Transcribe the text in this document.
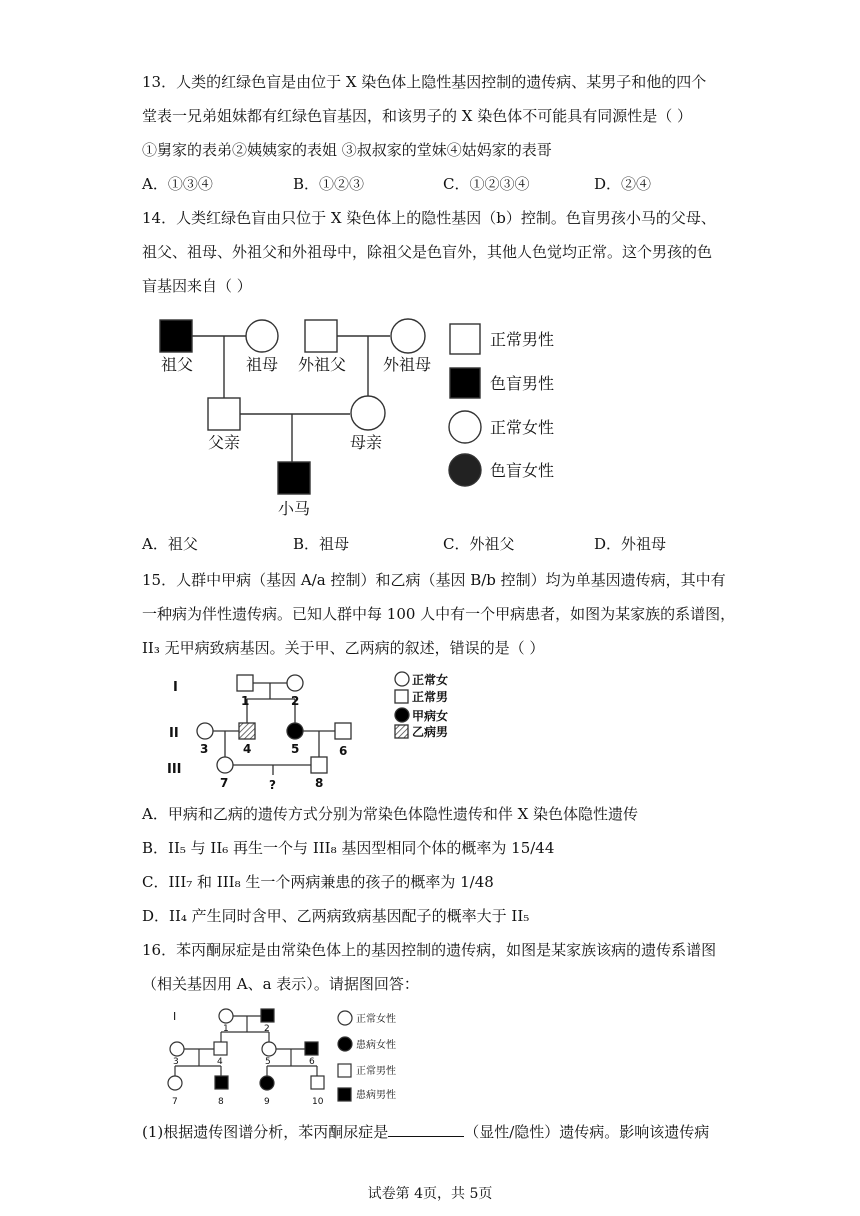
13．人类的红绿色盲是由位于 X 染色体上隐性基因控制的遗传病、某男子和他的四个
堂表一兄弟姐妹都有红绿色盲基因，和该男子的 X 染色体不可能具有同源性是（ ）
①舅家的表弟②姨姨家的表姐 ③叔叔家的堂妹④姑妈家的表哥
A．①③④	B．①②③	C．①②③④	D．②④
14．人类红绿色盲由只位于 X 染色体上的隐性基因（b）控制。色盲男孩小马的父母、
祖父、祖母、外祖父和外祖母中，除祖父是色盲外，其他人色觉均正常。这个男孩的色
盲基因来自（ ）
祖父	祖母 外祖父 外祖母
父亲	母亲
小马
正常男性
色盲男性
正常女性
色盲女性
A．祖父	B．祖母	C．外祖父	D．外祖母
15．人群中甲病（基因 A/a 控制）和乙病（基因 B/b 控制）均为单基因遗传病，其中有
一种病为伴性遗传病。已知人群中每 100 人中有一个甲病患者，如图为某家族的系谱图，
II₃ 无甲病致病基因。关于甲、乙两病的叙述，错误的是（ ）
I
II
III
1	2
3	4	5	6
7	8
?
正常女
正常男
甲病女
乙病男
A．甲病和乙病的遗传方式分别为常染色体隐性遗传和伴 X 染色体隐性遗传
B．II₅ 与 II₆ 再生一个与 III₈ 基因型相同个体的概率为 15/44
C．III₇ 和 III₈ 生一个两病兼患的孩子的概率为 1/48
D．II₄ 产生同时含甲、乙两病致病基因配子的概率大于 II₅
16．苯丙酮尿症是由常染色体上的基因控制的遗传病，如图是某家族该病的遗传系谱图
（相关基因用 A、a 表示）。请据图回答：
I
1	2
3	4	5	6
7	8	9	10
正常女性
患病女性
正常男性
患病男性
(1)根据遗传图谱分析，苯丙酮尿症是	（显性/隐性）遗传病。影响该遗传病
试卷第 4页，共 5页
